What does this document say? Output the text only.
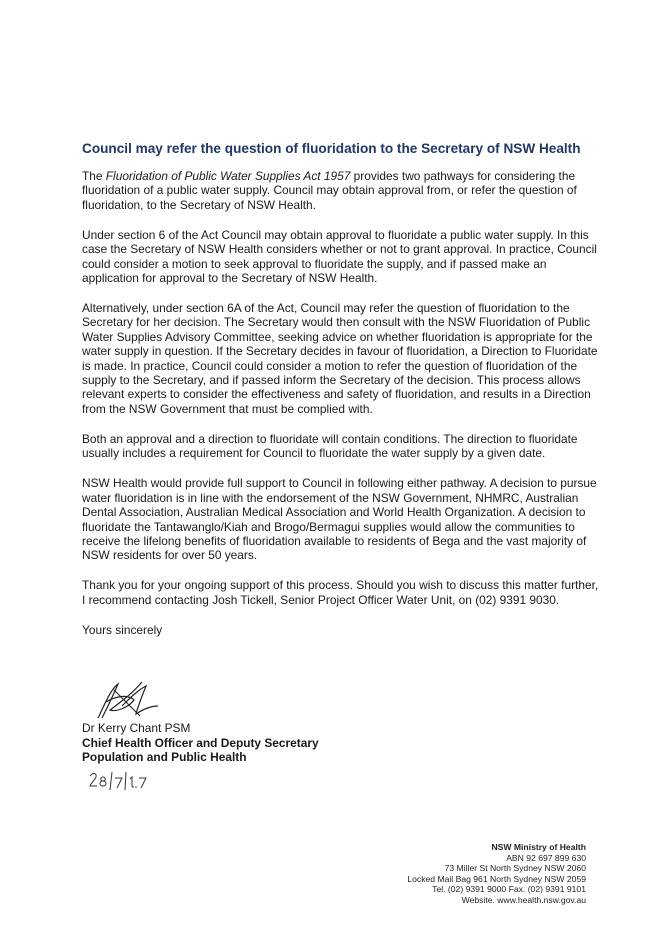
Council may refer the question of fluoridation to the Secretary of NSW Health

The Fluoridation of Public Water Supplies Act 1957 provides two pathways for considering the fluoridation of a public water supply. Council may obtain approval from, or refer the question of fluoridation, to the Secretary of NSW Health.

Under section 6 of the Act Council may obtain approval to fluoridate a public water supply. In this case the Secretary of NSW Health considers whether or not to grant approval. In practice, Council could consider a motion to seek approval to fluoridate the supply, and if passed make an application for approval to the Secretary of NSW Health.

Alternatively, under section 6A of the Act, Council may refer the question of fluoridation to the Secretary for her decision. The Secretary would then consult with the NSW Fluoridation of Public Water Supplies Advisory Committee, seeking advice on whether fluoridation is appropriate for the water supply in question. If the Secretary decides in favour of fluoridation, a Direction to Fluoridate is made. In practice, Council could consider a motion to refer the question of fluoridation of the supply to the Secretary, and if passed inform the Secretary of the decision. This process allows relevant experts to consider the effectiveness and safety of fluoridation, and results in a Direction from the NSW Government that must be complied with.

Both an approval and a direction to fluoridate will contain conditions. The direction to fluoridate usually includes a requirement for Council to fluoridate the water supply by a given date.

NSW Health would provide full support to Council in following either pathway. A decision to pursue water fluoridation is in line with the endorsement of the NSW Government, NHMRC, Australian Dental Association, Australian Medical Association and World Health Organization. A decision to fluoridate the Tantawanglo/Kiah and Brogo/Bermagui supplies would allow the communities to receive the lifelong benefits of fluoridation available to residents of Bega and the vast majority of NSW residents for over 50 years.

Thank you for your ongoing support of this process. Should you wish to discuss this matter further, I recommend contacting Josh Tickell, Senior Project Officer Water Unit, on (02) 9391 9030.

Yours sincerely

Dr Kerry Chant PSM
Chief Health Officer and Deputy Secretary
Population and Public Health
NSW Ministry of Health
ABN 92 697 899 630
73 Miller St North Sydney NSW 2060
Locked Mail Bag 961 North Sydney NSW 2059
Tel. (02) 9391 9000 Fax. (02) 9391 9101
Website. www.health.nsw.gov.au
